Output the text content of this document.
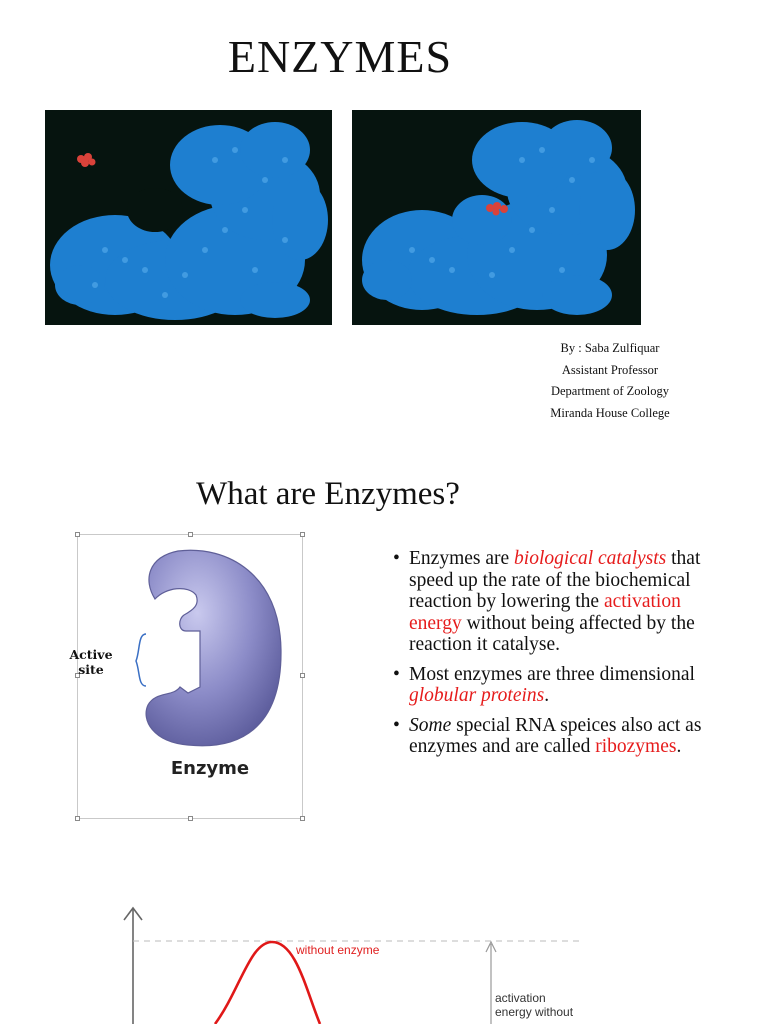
ENZYMES
By : Saba Zulfiquar
Assistant Professor
Department of Zoology
Miranda House College
What are Enzymes?
Active
site
Enzyme
• Enzymes are biological catalysts that speed up the rate of the biochemical reaction by lowering the activation energy without being affected by the reaction it catalyse.
• Most enzymes are three dimensional globular proteins.
• Some special RNA speices also act as enzymes and are called ribozymes.
without enzyme
activation
energy without
